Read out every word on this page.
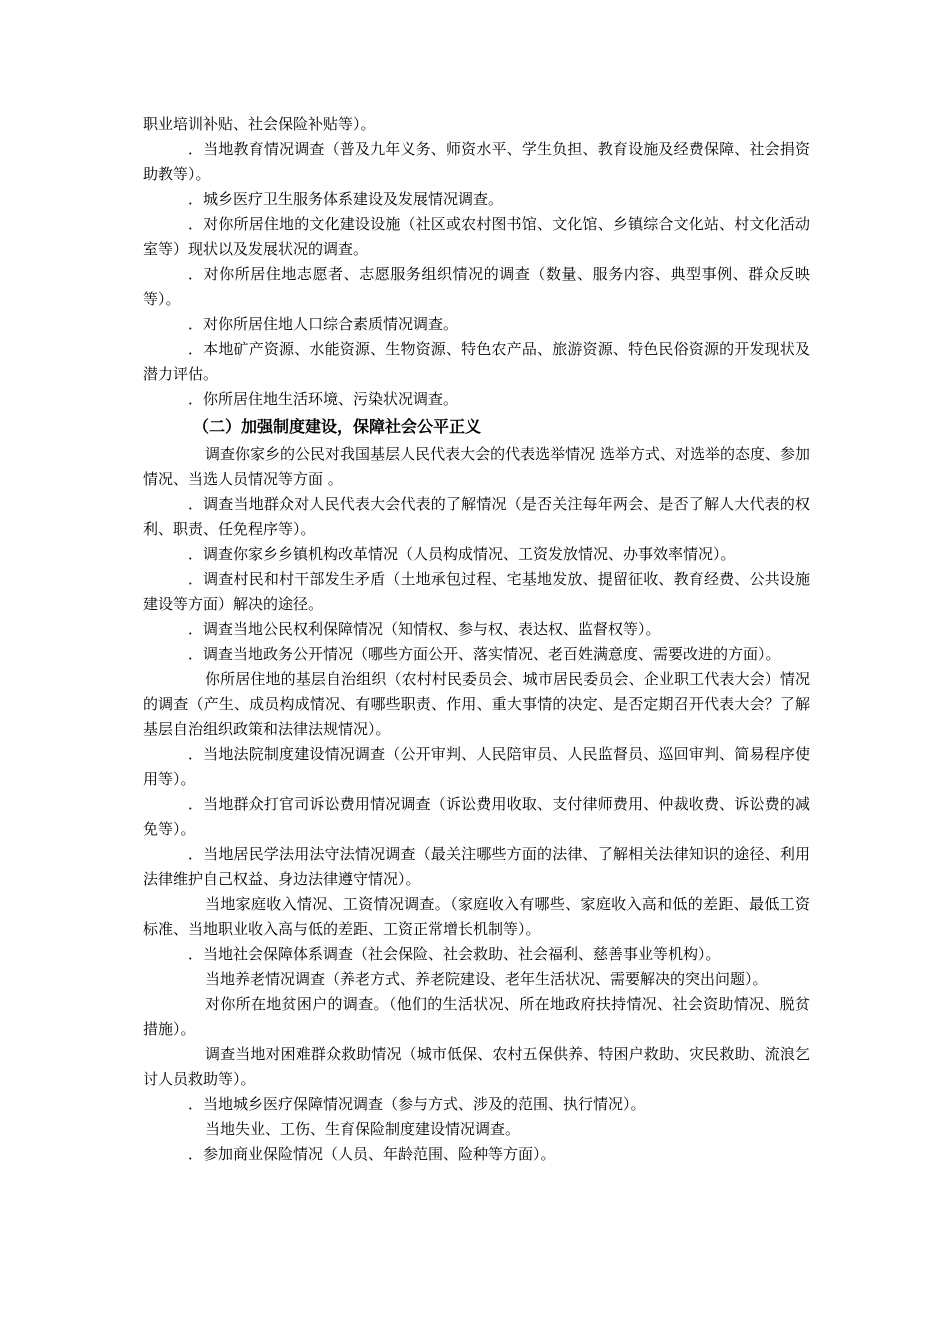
职业培训补贴、社会保险补贴等）。

．当地教育情况调查（普及九年义务、师资水平、学生负担、教育设施及经费保障、社会捐资助教等）。

．城乡医疗卫生服务体系建设及发展情况调查。

．对你所居住地的文化建设设施（社区或农村图书馆、文化馆、乡镇综合文化站、村文化活动室等）现状以及发展状况的调查。

．对你所居住地志愿者、志愿服务组织情况的调查（数量、服务内容、典型事例、群众反映等）。

．对你所居住地人口综合素质情况调查。

．本地矿产资源、水能资源、生物资源、特色农产品、旅游资源、特色民俗资源的开发现状及潜力评估。

．你所居住地生活环境、污染状况调查。

（二）加强制度建设，保障社会公平正义

调查你家乡的公民对我国基层人民代表大会的代表选举情况 选举方式、对选举的态度、参加情况、当选人员情况等方面 。

．调查当地群众对人民代表大会代表的了解情况（是否关注每年两会、是否了解人大代表的权利、职责、任免程序等）。

．调查你家乡乡镇机构改革情况（人员构成情况、工资发放情况、办事效率情况）。

．调查村民和村干部发生矛盾（土地承包过程、宅基地发放、提留征收、教育经费、公共设施建设等方面）解决的途径。

．调查当地公民权利保障情况（知情权、参与权、表达权、监督权等）。

．调查当地政务公开情况（哪些方面公开、落实情况、老百姓满意度、需要改进的方面）。

你所居住地的基层自治组织（农村村民委员会、城市居民委员会、企业职工代表大会）情况的调查（产生、成员构成情况、有哪些职责、作用、重大事情的决定、是否定期召开代表大会？了解基层自治组织政策和法律法规情况）。

．当地法院制度建设情况调查（公开审判、人民陪审员、人民监督员、巡回审判、简易程序使用等）。

．当地群众打官司诉讼费用情况调查（诉讼费用收取、支付律师费用、仲裁收费、诉讼费的减免等）。

．当地居民学法用法守法情况调查（最关注哪些方面的法律、了解相关法律知识的途径、利用法律维护自己权益、身边法律遵守情况）。

当地家庭收入情况、工资情况调查。（家庭收入有哪些、家庭收入高和低的差距、最低工资标准、当地职业收入高与低的差距、工资正常增长机制等）。

．当地社会保障体系调查（社会保险、社会救助、社会福利、慈善事业等机构）。

当地养老情况调查（养老方式、养老院建设、老年生活状况、需要解决的突出问题）。

对你所在地贫困户的调查。（他们的生活状况、所在地政府扶持情况、社会资助情况、脱贫措施）。

调查当地对困难群众救助情况（城市低保、农村五保供养、特困户救助、灾民救助、流浪乞讨人员救助等）。

．当地城乡医疗保障情况调查（参与方式、涉及的范围、执行情况）。

当地失业、工伤、生育保险制度建设情况调查。

．参加商业保险情况（人员、年龄范围、险种等方面）。
